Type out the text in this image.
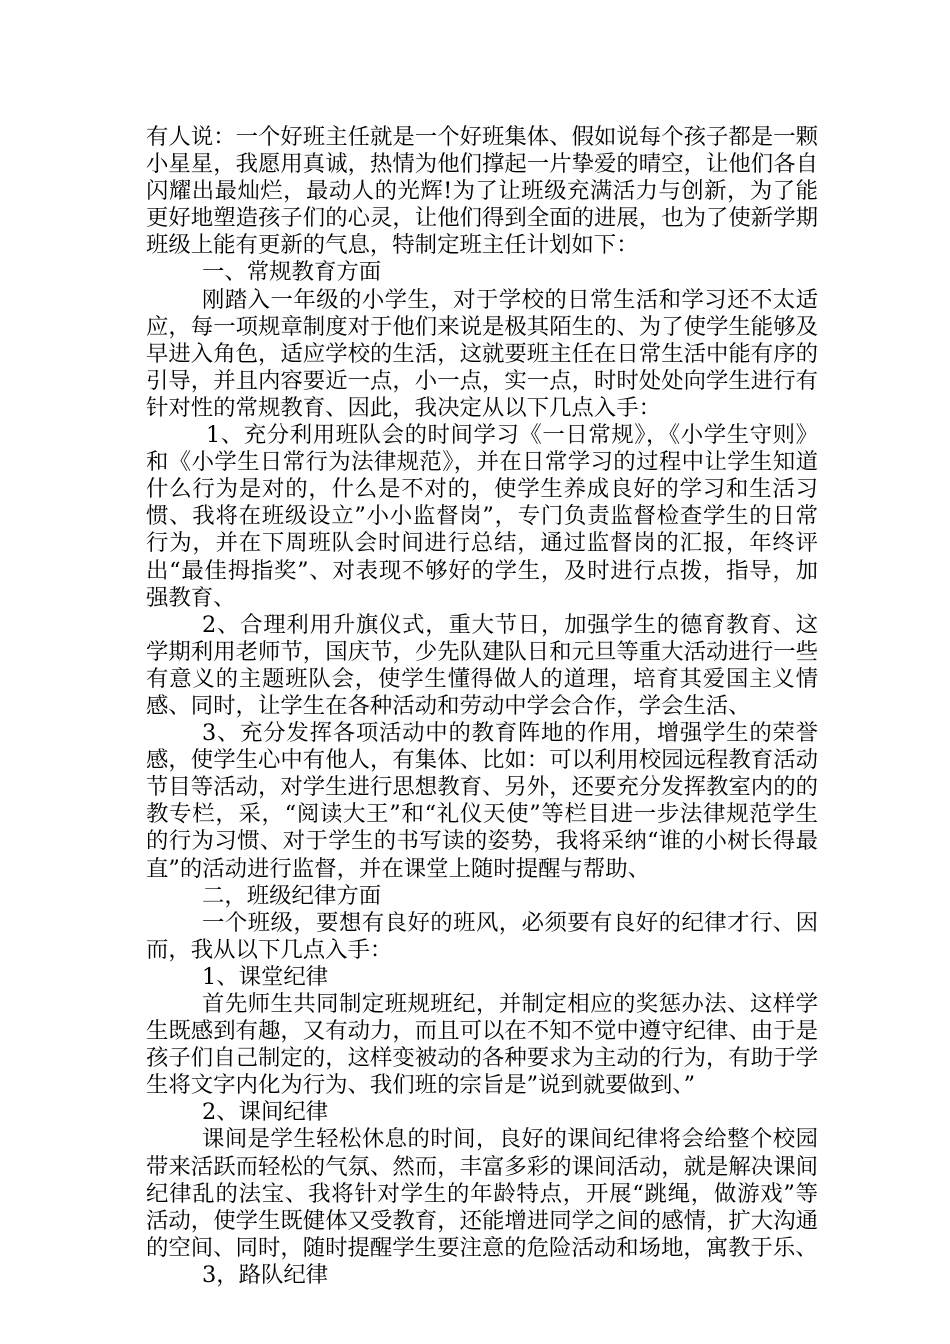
有人说：一个好班主任就是一个好班集体、假如说每个孩子都是一颗小星星，我愿用真诚，热情为他们撑起一片挚爱的晴空，让他们各自闪耀出最灿烂，最动人的光辉!为了让班级充满活力与创新，为了能更好地塑造孩子们的心灵，让他们得到全面的进展，也为了使新学期班级上能有更新的气息，特制定班主任计划如下：

一、常规教育方面

刚踏入一年级的小学生，对于学校的日常生活和学习还不太适应，每一项规章制度对于他们来说是极其陌生的、为了使学生能够及早进入角色，适应学校的生活，这就要班主任在日常生活中能有序的引导，并且内容要近一点，小一点，实一点，时时处处向学生进行有针对性的常规教育、因此，我决定从以下几点入手：

1、充分利用班队会的时间学习《一日常规》，《小学生守则》和《小学生日常行为法律规范》，并在日常学习的过程中让学生知道什么行为是对的，什么是不对的，使学生养成良好的学习和生活习惯、我将在班级设立”小小监督岗”，专门负责监督检查学生的日常行为，并在下周班队会时间进行总结，通过监督岗的汇报，年终评出“最佳拇指奖”、对表现不够好的学生，及时进行点拨，指导，加强教育、

2、合理利用升旗仪式，重大节日，加强学生的德育教育、这学期利用老师节，国庆节，少先队建队日和元旦等重大活动进行一些有意义的主题班队会，使学生懂得做人的道理，培育其爱国主义情感、同时，让学生在各种活动和劳动中学会合作，学会生活、

3、充分发挥各项活动中的教育阵地的作用，增强学生的荣誉感，使学生心中有他人，有集体、比如：可以利用校园远程教育活动节目等活动，对学生进行思想教育、另外，还要充分发挥教室内的的教专栏，采，“阅读大王”和“礼仪天使”等栏目进一步法律规范学生的行为习惯、对于学生的书写读的姿势，我将采纳“谁的小树长得最直”的活动进行监督，并在课堂上随时提醒与帮助、

二，班级纪律方面

一个班级，要想有良好的班风，必须要有良好的纪律才行、因而，我从以下几点入手：

1、课堂纪律

首先师生共同制定班规班纪，并制定相应的奖惩办法、这样学生既感到有趣，又有动力，而且可以在不知不觉中遵守纪律、由于是孩子们自己制定的，这样变被动的各种要求为主动的行为，有助于学生将文字内化为行为、我们班的宗旨是”说到就要做到、”

2、课间纪律

课间是学生轻松休息的时间，良好的课间纪律将会给整个校园带来活跃而轻松的气氛、然而，丰富多彩的课间活动，就是解决课间纪律乱的法宝、我将针对学生的年龄特点，开展“跳绳，做游戏”等活动，使学生既健体又受教育，还能增进同学之间的感情，扩大沟通的空间、同时，随时提醒学生要注意的危险活动和场地，寓教于乐、

3，路队纪律
